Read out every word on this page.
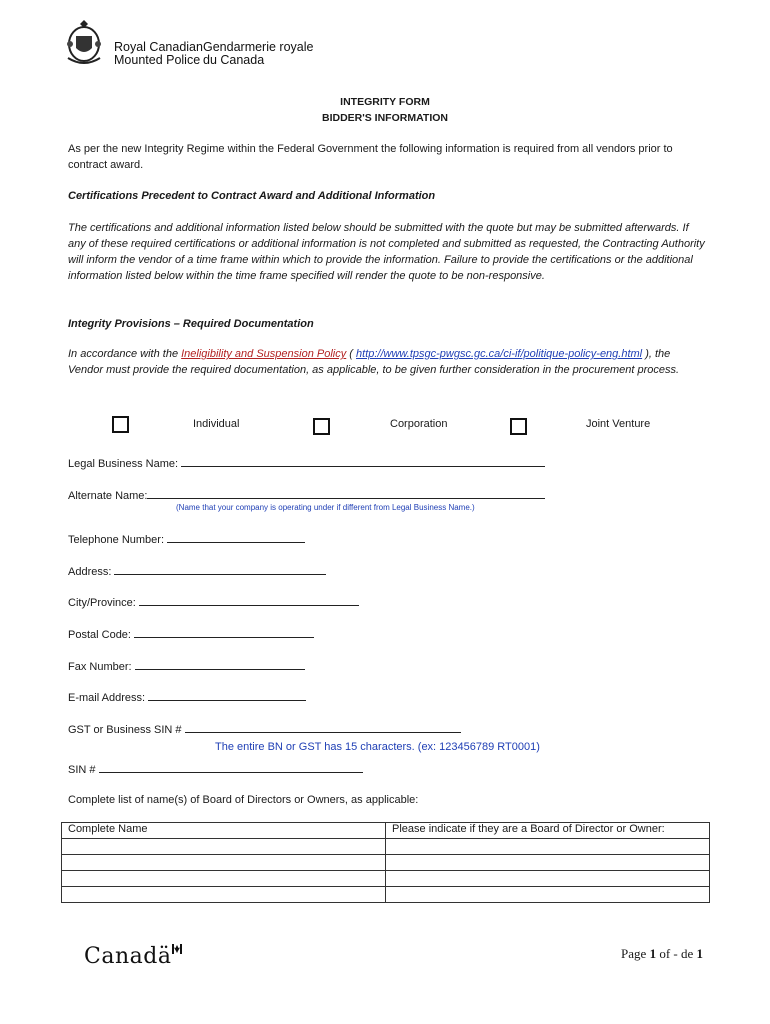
Royal Canadian
Mounted Police
Gendarmerie royale
du Canada
INTEGRITY FORM
BIDDER'S INFORMATION
As per the new Integrity Regime within the Federal Government the following information is required from all vendors prior to contract award.
Certifications Precedent to Contract Award and Additional Information
The certifications and additional information listed below should be submitted with the quote but may be submitted afterwards. If any of these required certifications or additional information is not completed and submitted as requested, the Contracting Authority will inform the vendor of a time frame within which to provide the information. Failure to provide the certifications or the additional information listed below within the time frame specified will render the quote to be non-responsive.
Integrity Provisions – Required Documentation
In accordance with the Ineligibility and Suspension Policy ( http://www.tpsgc-pwgsc.gc.ca/ci-if/politique-policy-eng.html ), the Vendor must provide the required documentation, as applicable, to be given further consideration in the procurement process.
Individual	Corporation	Joint Venture
Legal Business Name:
Alternate Name:
(Name that your company is operating under if different from Legal Business Name.)
Telephone Number:
Address:
City/Province:
Postal Code:
Fax Number:
E-mail Address:
GST or Business SIN #
The entire BN or GST has 15 characters. (ex: 123456789 RT0001)
SIN #
Complete list of name(s) of Board of Directors or Owners, as applicable:
Complete Name	Please indicate if they are a Board of Director or Owner:

Canadä	Page 1 of - de 1
